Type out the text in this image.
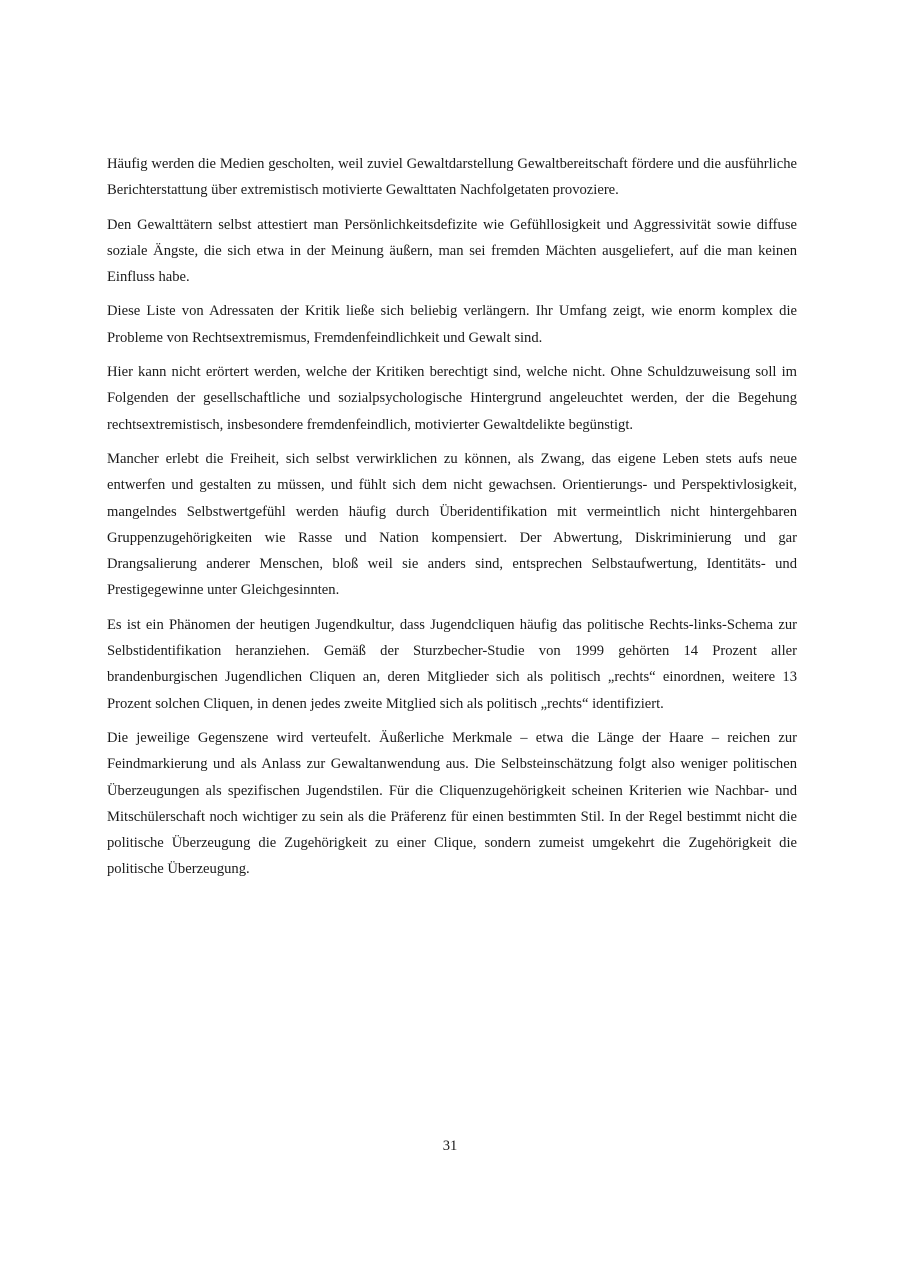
Häufig werden die Medien gescholten, weil zuviel Gewaltdarstellung Gewaltbereitschaft fördere und die ausführliche Berichterstattung über extremistisch motivierte Gewalttaten Nachfolgetaten provoziere.

Den Gewalttätern selbst attestiert man Persönlichkeitsdefizite wie Gefühllosigkeit und Aggressivität sowie diffuse soziale Ängste, die sich etwa in der Meinung äußern, man sei fremden Mächten ausgeliefert, auf die man keinen Einfluss habe.

Diese Liste von Adressaten der Kritik ließe sich beliebig verlängern. Ihr Umfang zeigt, wie enorm komplex die Probleme von Rechtsextremismus, Fremdenfeindlichkeit und Gewalt sind.

Hier kann nicht erörtert werden, welche der Kritiken berechtigt sind, welche nicht. Ohne Schuldzuweisung soll im Folgenden der gesellschaftliche und sozialpsychologische Hintergrund angeleuchtet werden, der die Begehung rechtsextremistisch, insbesondere fremdenfeindlich, motivierter Gewaltdelikte begünstigt.

Mancher erlebt die Freiheit, sich selbst verwirklichen zu können, als Zwang, das eigene Leben stets aufs neue entwerfen und gestalten zu müssen, und fühlt sich dem nicht gewachsen. Orientierungs- und Perspektivlosigkeit, mangelndes Selbstwertgefühl werden häufig durch Überidentifikation mit vermeintlich nicht hintergehbaren Gruppenzugehörigkeiten wie Rasse und Nation kompensiert. Der Abwertung, Diskriminierung und gar Drangsalierung anderer Menschen, bloß weil sie anders sind, entsprechen Selbstaufwertung, Identitäts- und Prestigegewinne unter Gleichgesinnten.

Es ist ein Phänomen der heutigen Jugendkultur, dass Jugendcliquen häufig das politische Rechts-links-Schema zur Selbstidentifikation heranziehen. Gemäß der Sturzbecher-Studie von 1999 gehörten 14 Prozent aller brandenburgischen Jugendlichen Cliquen an, deren Mitglieder sich als politisch „rechts“ einordnen, weitere 13 Prozent solchen Cliquen, in denen jedes zweite Mitglied sich als politisch „rechts“ identifiziert.

Die jeweilige Gegenszene wird verteufelt. Äußerliche Merkmale – etwa die Länge der Haare – reichen zur Feindmarkierung und als Anlass zur Gewaltanwendung aus. Die Selbsteinschätzung folgt also weniger politischen Überzeugungen als spezifischen Jugendstilen. Für die Cliquenzugehörigkeit scheinen Kriterien wie Nachbar- und Mitschülerschaft noch wichtiger zu sein als die Präferenz für einen bestimmten Stil. In der Regel bestimmt nicht die politische Überzeugung die Zugehörigkeit zu einer Clique, sondern zumeist umgekehrt die Zugehörigkeit die politische Überzeugung.

31
